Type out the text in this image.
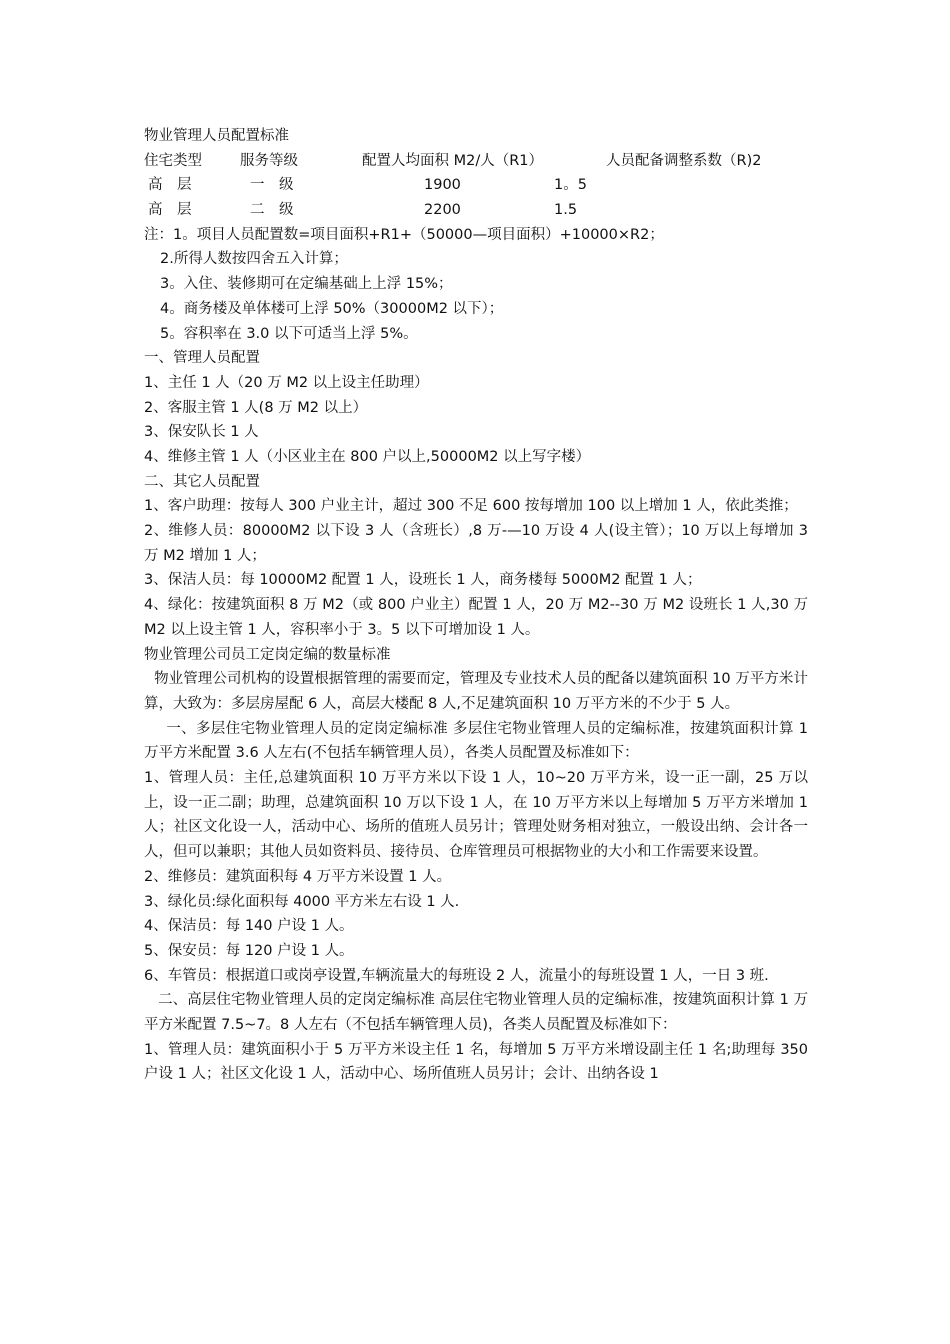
物业管理人员配置标准
住宅类型	服务等级	配置人均面积 M2/人（R1）	人员配备调整系数（R)2
高　层	一　级	1900	1。5
高　层	二　级	2200	1.5
注：1。项目人员配置数=项目面积+R1+（50000—项目面积）+10000×R2；
2.所得人数按四舍五入计算；
3。入住、装修期可在定编基础上上浮 15%；
4。商务楼及单体楼可上浮 50%（30000M2 以下）；
5。容积率在 3.0 以下可适当上浮 5%。
一、管理人员配置
1、主任 1 人（20 万 M2 以上设主任助理）
2、客服主管 1 人(8 万 M2 以上）
3、保安队长 1 人
4、维修主管 1 人（小区业主在 800 户以上,50000M2 以上写字楼）
二、其它人员配置
1、客户助理：按每人 300 户业主计，超过 300 不足 600 按每增加 100 以上增加 1 人，依此类推；
2、维修人员：80000M2 以下设 3 人（含班长）,8 万-—10 万设 4 人(设主管）；10 万以上每增加 3 万 M2 增加 1 人；
3、保洁人员：每 10000M2 配置 1 人，设班长 1 人，商务楼每 5000M2 配置 1 人；
4、绿化：按建筑面积 8 万 M2（或 800 户业主）配置 1 人，20 万 M2--30 万 M2 设班长 1 人,30 万 M2 以上设主管 1 人，容积率小于 3。5 以下可增加设 1 人。
物业管理公司员工定岗定编的数量标准
物业管理公司机构的设置根据管理的需要而定，管理及专业技术人员的配备以建筑面积 10 万平方米计算，大致为：多层房屋配 6 人，高层大楼配 8 人,不足建筑面积 10 万平方米的不少于 5 人。
一、多层住宅物业管理人员的定岗定编标准 多层住宅物业管理人员的定编标准，按建筑面积计算 1 万平方米配置 3.6 人左右(不包括车辆管理人员），各类人员配置及标准如下：
1、管理人员：主任,总建筑面积 10 万平方米以下设 1 人，10~20 万平方米，设一正一副，25 万以上，设一正二副；助理，总建筑面积 10 万以下设 1 人，在 10 万平方米以上每增加 5 万平方米增加 1 人；社区文化设一人，活动中心、场所的值班人员另计；管理处财务相对独立，一般设出纳、会计各一人，但可以兼职；其他人员如资料员、接待员、仓库管理员可根据物业的大小和工作需要来设置。
2、维修员：建筑面积每 4 万平方米设置 1 人。
3、绿化员:绿化面积每 4000 平方米左右设 1 人.
4、保洁员：每 140 户设 1 人。
5、保安员：每 120 户设 1 人。
6、车管员：根据道口或岗亭设置,车辆流量大的每班设 2 人，流量小的每班设置 1 人，一日 3 班.
二、高层住宅物业管理人员的定岗定编标准 高层住宅物业管理人员的定编标准，按建筑面积计算 1 万平方米配置 7.5~7。8 人左右（不包括车辆管理人员)，各类人员配置及标准如下：
1、管理人员：建筑面积小于 5 万平方米设主任 1 名，每增加 5 万平方米增设副主任 1 名;助理每 350 户设 1 人；社区文化设 1 人，活动中心、场所值班人员另计；会计、出纳各设 1
